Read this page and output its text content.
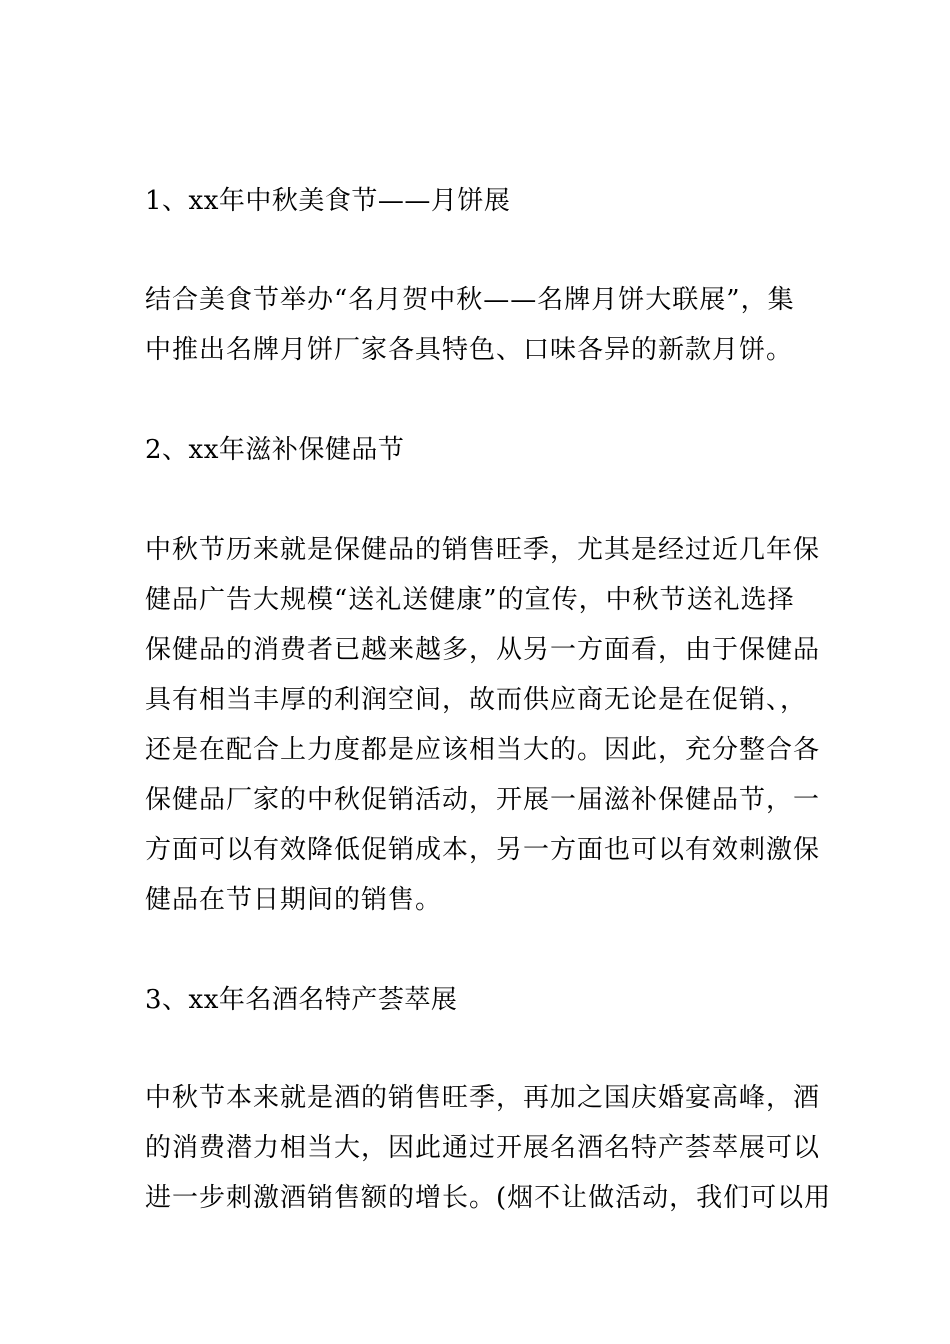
1、xx年中秋美食节——月饼展

结合美食节举办“名月贺中秋——名牌月饼大联展”，集

中推出名牌月饼厂家各具特色、口味各异的新款月饼。

2、xx年滋补保健品节

中秋节历来就是保健品的销售旺季，尤其是经过近几年保

健品广告大规模“送礼送健康”的宣传，中秋节送礼选择

保健品的消费者已越来越多，从另一方面看，由于保健品

具有相当丰厚的利润空间，故而供应商无论是在促销、，

还是在配合上力度都是应该相当大的。因此，充分整合各

保健品厂家的中秋促销活动，开展一届滋补保健品节，一

方面可以有效降低促销成本，另一方面也可以有效刺激保

健品在节日期间的销售。

3、xx年名酒名特产荟萃展

中秋节本来就是酒的销售旺季，再加之国庆婚宴高峰，酒

的消费潜力相当大，因此通过开展名酒名特产荟萃展可以

进一步刺激酒销售额的增长。(烟不让做活动，我们可以用
